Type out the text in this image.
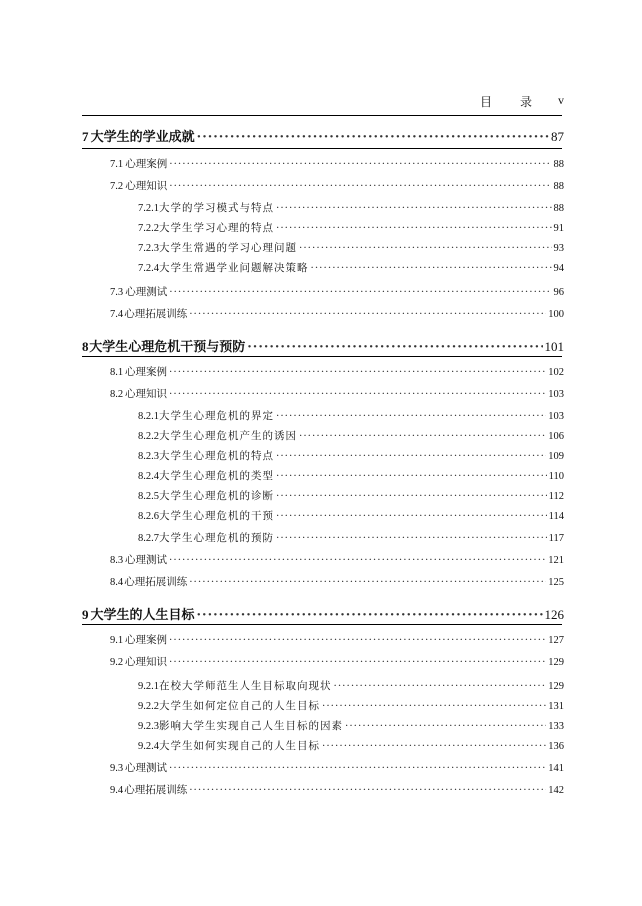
目 录 v
7 大学生的学业成就 ·····	87
7.1 心理案例 ·····	88
7.2 心理知识 ·····	88
7.2.1 大学的学习模式与特点 ·····	88
7.2.2 大学生学习心理的特点 ·····	91
7.2.3 大学生常遇的学习心理问题 ·····	93
7.2.4 大学生常遇学业问题解决策略 ·····	94
7.3 心理测试 ·····	96
7.4 心理拓展训练 ·····	100
8 大学生心理危机干预与预防 ·····	101
8.1 心理案例 ·····	102
8.2 心理知识 ·····	103
8.2.1 大学生心理危机的界定 ·····	103
8.2.2 大学生心理危机产生的诱因 ·····	106
8.2.3 大学生心理危机的特点 ·····	109
8.2.4 大学生心理危机的类型 ·····	110
8.2.5 大学生心理危机的诊断 ·····	112
8.2.6 大学生心理危机的干预 ·····	114
8.2.7 大学生心理危机的预防 ·····	117
8.3 心理测试 ·····	121
8.4 心理拓展训练 ·····	125
9 大学生的人生目标 ·····	126
9.1 心理案例 ·····	127
9.2 心理知识 ·····	129
9.2.1 在校大学师范生人生目标取向现状 ·····	129
9.2.2 大学生如何定位自己的人生目标 ·····	131
9.2.3 影响大学生实现自己人生目标的因素 ·····	133
9.2.4 大学生如何实现自己的人生目标 ·····	136
9.3 心理测试 ·····	141
9.4 心理拓展训练 ·····	142
